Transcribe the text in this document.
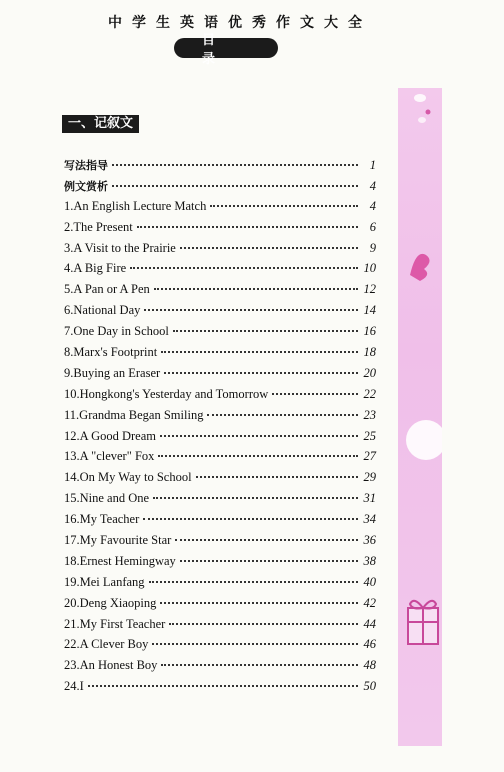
中学生英语优秀作文大全
目录
一、记叙文
写法指导	1
例文赏析	4
1.An English Lecture Match	4
2.The Present	6
3.A Visit to the Prairie	9
4.A Big Fire	10
5.A Pan or A Pen	12
6.National Day	14
7.One Day in School	16
8.Marx's Footprint	18
9.Buying an Eraser	20
10.Hongkong's Yesterday and Tomorrow	22
11.Grandma Began Smiling	23
12.A Good Dream	25
13.A "clever" Fox	27
14.On My Way to School	29
15.Nine and One	31
16.My Teacher	34
17.My Favourite Star	36
18.Ernest Hemingway	38
19.Mei Lanfang	40
20.Deng Xiaoping	42
21.My First Teacher	44
22.A Clever Boy	46
23.An Honest Boy	48
24.I	50
